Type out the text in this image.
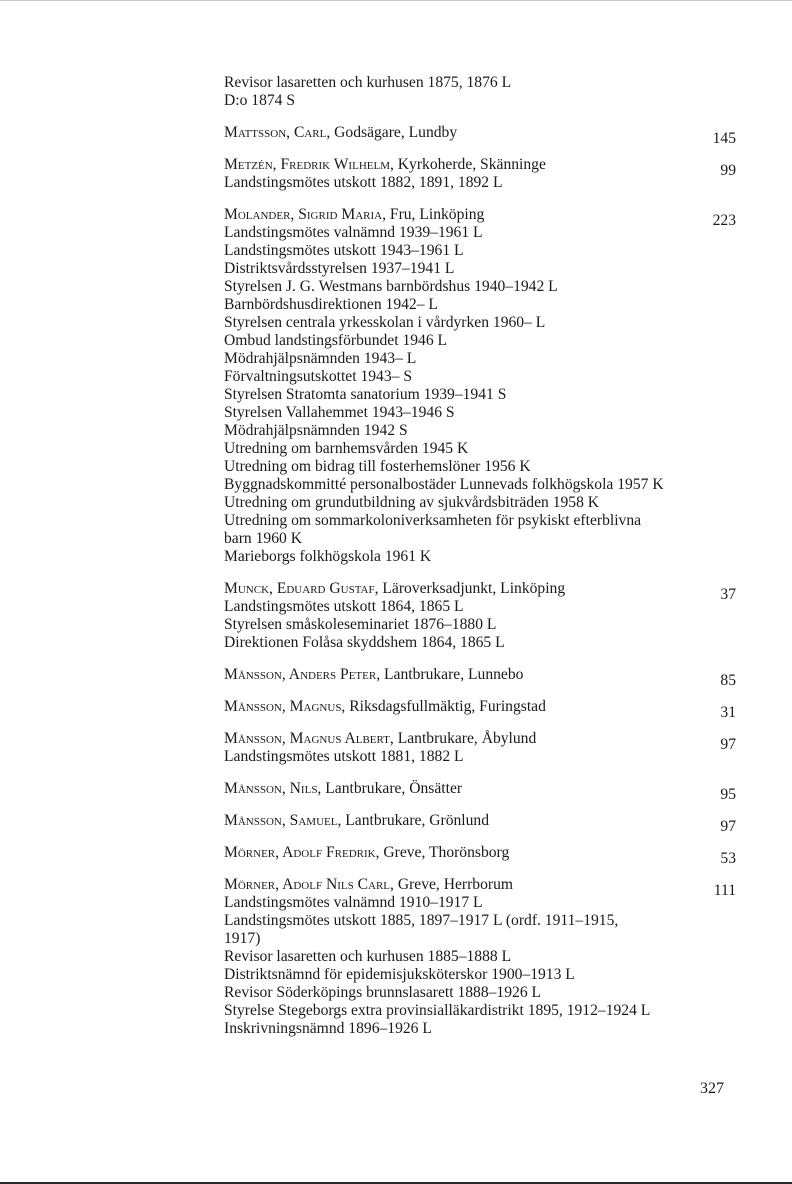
Revisor lasaretten och kurhusen 1875, 1876 L
D:o 1874 S
Mattsson, Carl, Godsägare, Lundby	145
Metzén, Fredrik Wilhelm, Kyrkoherde, Skänninge	99
Landstingsmötes utskott 1882, 1891, 1892 L
Molander, Sigrid Maria, Fru, Linköping	223
Landstingsmötes valnämnd 1939–1961 L
Landstingsmötes utskott 1943–1961 L
Distriktsvårdsstyrelsen 1937–1941 L
Styrelsen J. G. Westmans barnbördshus 1940–1942 L
Barnbördshusdirektionen 1942– L
Styrelsen centrala yrkesskolan i vårdyrken 1960– L
Ombud landstingsförbundet 1946 L
Mödrahjälpsnämnden 1943– L
Förvaltningsutskottet 1943– S
Styrelsen Stratomta sanatorium 1939–1941 S
Styrelsen Vallahemmet 1943–1946 S
Mödrahjälpsnämnden 1942 S
Utredning om barnhemsvården 1945 K
Utredning om bidrag till fosterhemslöner 1956 K
Byggnadskommitté personalbostäder Lunnevads folkhögskola 1957 K
Utredning om grundutbildning av sjukvårdsbiträden 1958 K
Utredning om sommarkoloniverksamheten för psykiskt efterblivna
barn 1960 K
Marieborgs folkhögskola 1961 K
Munck, Eduard Gustaf, Läroverksadjunkt, Linköping	37
Landstingsmötes utskott 1864, 1865 L
Styrelsen småskoleseminariet 1876–1880 L
Direktionen Folåsa skyddshem 1864, 1865 L
Månsson, Anders Peter, Lantbrukare, Lunnebo	85
Månsson, Magnus, Riksdagsfullmäktig, Furingstad	31
Månsson, Magnus Albert, Lantbrukare, Åbylund	97
Landstingsmötes utskott 1881, 1882 L
Månsson, Nils, Lantbrukare, Önsätter	95
Månsson, Samuel, Lantbrukare, Grönlund	97
Mörner, Adolf Fredrik, Greve, Thorönsborg	53
Mörner, Adolf Nils Carl, Greve, Herrborum	111
Landstingsmötes valnämnd 1910–1917 L
Landstingsmötes utskott 1885, 1897–1917 L (ordf. 1911–1915,
1917)
Revisor lasaretten och kurhusen 1885–1888 L
Distriktsnämnd för epidemisjuksköterskor 1900–1913 L
Revisor Söderköpings brunnslasarett 1888–1926 L
Styrelse Stegeborgs extra provinsialläkardistrikt 1895, 1912–1924 L
Inskrivningsnämnd 1896–1926 L
327
